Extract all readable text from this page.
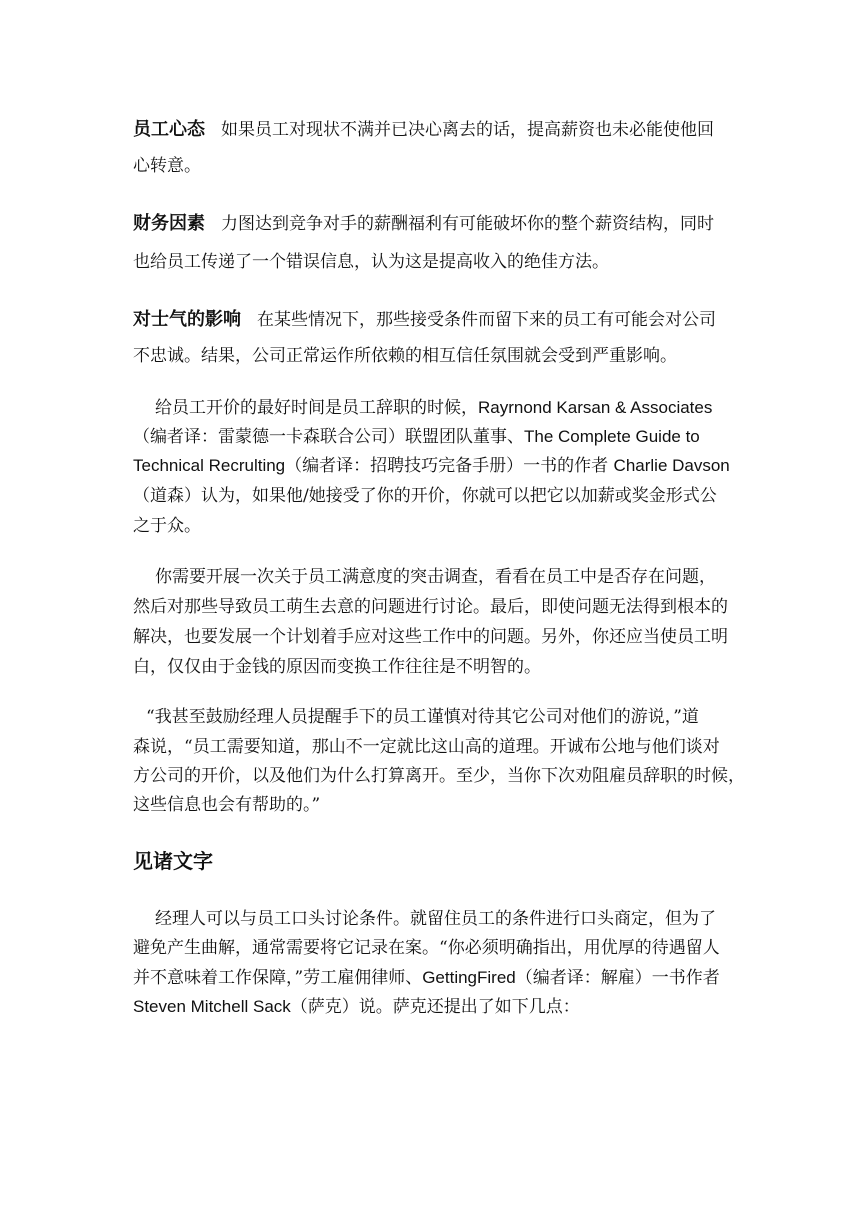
员工心态 如果员工对现状不满并已决心离去的话，提高薪资也未必能使他回
心转意。
财务因素 力图达到竞争对手的薪酬福利有可能破坏你的整个薪资结构，同时
也给员工传递了一个错误信息，认为这是提高收入的绝佳方法。
对士气的影响 在某些情况下，那些接受条件而留下来的员工有可能会对公司
不忠诚。结果，公司正常运作所依赖的相互信任氛围就会受到严重影响。
给员工开价的最好时间是员工辞职的时候，Rayrnond Karsan & Associates
（编者译：雷蒙德一卡森联合公司）联盟团队董事、The Complete Guide to
Technical Recrulting（编者译：招聘技巧完备手册）一书的作者 Charlie Davson
（道森）认为，如果他/她接受了你的开价，你就可以把它以加薪或奖金形式公
之于众。
你需要开展一次关于员工满意度的突击调查，看看在员工中是否存在问题，
然后对那些导致员工萌生去意的问题进行讨论。最后，即使问题无法得到根本的
解决，也要发展一个计划着手应对这些工作中的问题。另外，你还应当使员工明
白，仅仅由于金钱的原因而变换工作往往是不明智的。
“我甚至鼓励经理人员提醒手下的员工谨慎对待其它公司对他们的游说，”道
森说，“员工需要知道，那山不一定就比这山高的道理。开诚布公地与他们谈对
方公司的开价，以及他们为什么打算离开。至少，当你下次劝阻雇员辞职的时候，
这些信息也会有帮助的。”
见诸文字
经理人可以与员工口头讨论条件。就留住员工的条件进行口头商定，但为了
避免产生曲解，通常需要将它记录在案。“你必须明确指出，用优厚的待遇留人
并不意味着工作保障，”劳工雇佣律师、GettingFired（编者译：解雇）一书作者
Steven Mitchell Sack（萨克）说。萨克还提出了如下几点：
